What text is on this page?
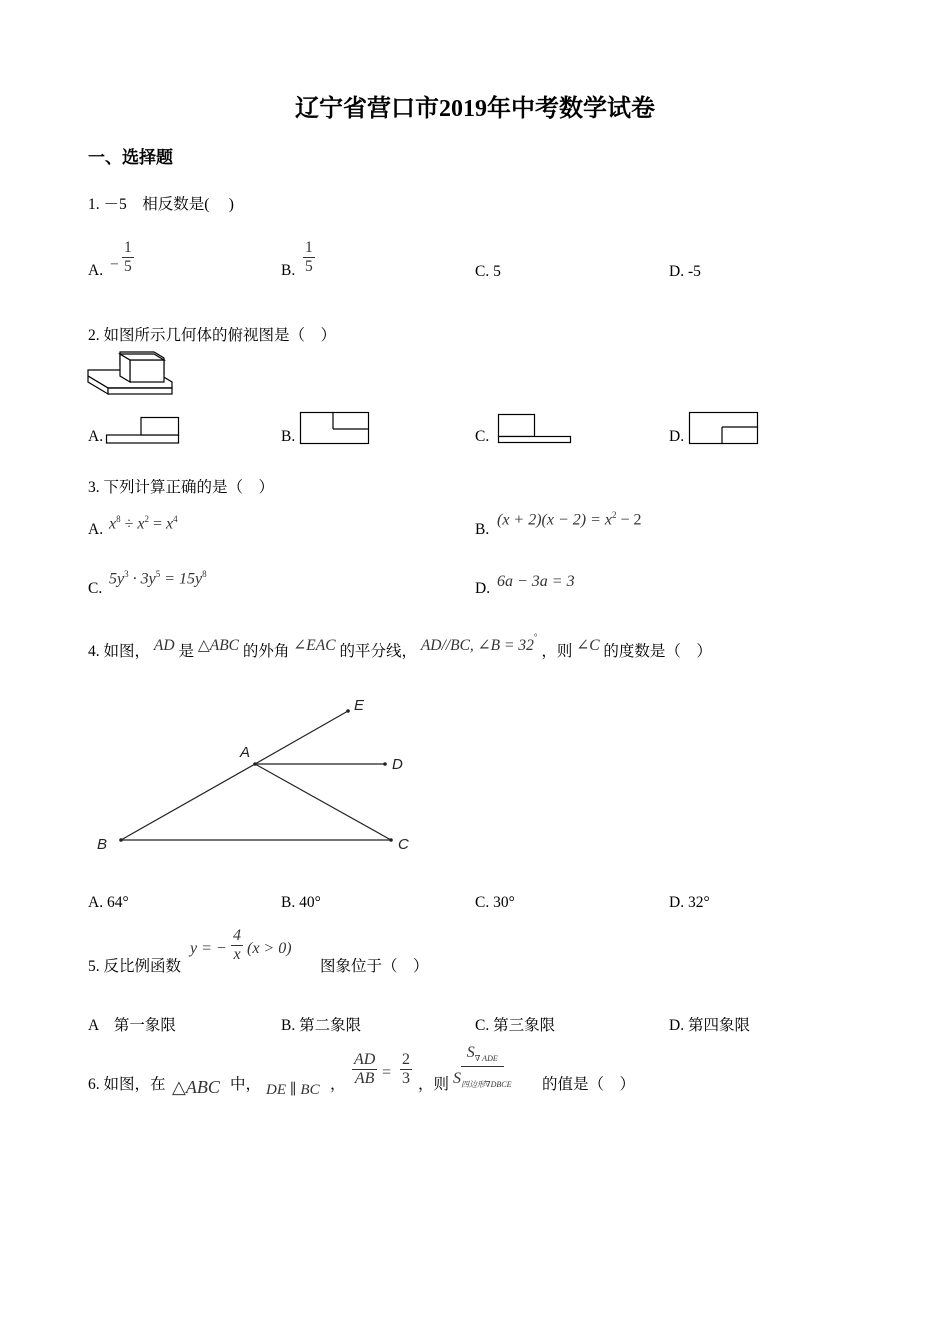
辽宁省营口市2019年中考数学试卷
一、选择题
1. －5　相反数是(　 )
A. − $\frac{1}{5}$	B. $\frac{1}{5}$	C. 5	D. -5
2. 如图所示几何体的俯视图是（　）
A.	B.	C.	D.
3. 下列计算正确的是（　）
A. $x^8 \div x^2 = x^4$
B.
$(x + 2)(x - 2) = x^2 - 2$
C.
$5y^3 \cdot 3y^5 = 15y^8$
D. 6a − 3a = 3
4. 如图， AD 是 △ABC 的外角 ∠EAC 的平分线， AD//BC, ∠B = 32° ，则 ∠C 的度数是（　）
E
A
D
B	C
A. 64°	B. 40°	C. 30°	D. 32°
5. 反比例函数
y = − $\frac{4}{x} (x > 0)$
图象位于（　）
A　第一象限	B. 第二象限	C. 第三象限	D. 第四象限
6. 如图，在 △ABC 中， DE ∥ BC ， $\frac{AD}{AB} = \frac{2}{3}$ ，则
$S_{\nabla ADE}$
$S_{四边形\nabla DBCE}$ 的值是（　）
